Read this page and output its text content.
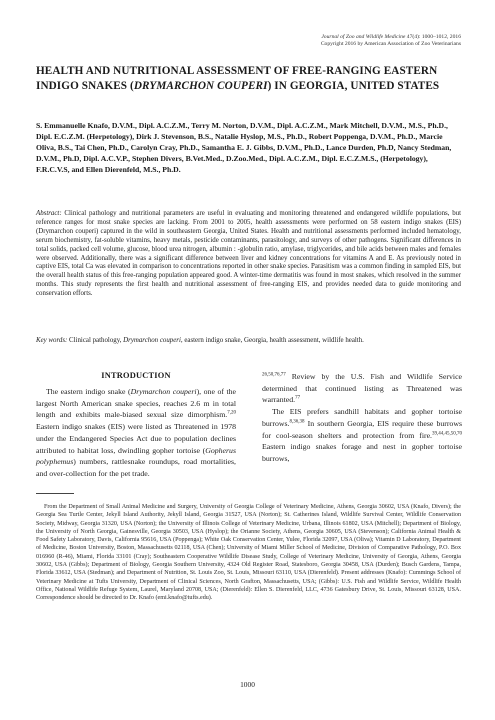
Journal of Zoo and Wildlife Medicine 47(4): 1000–1012, 2016
Copyright 2016 by American Association of Zoo Veterinarians
HEALTH AND NUTRITIONAL ASSESSMENT OF FREE-RANGING EASTERN INDIGO SNAKES (DRYMARCHON COUPERI) IN GEORGIA, UNITED STATES
S. Emmanuelle Knafo, D.V.M., Dipl. A.C.Z.M., Terry M. Norton, D.V.M., Dipl. A.C.Z.M., Mark Mitchell, D.V.M., M.S., Ph.D., Dipl. E.C.Z.M. (Herpetology), Dirk J. Stevenson, B.S., Natalie Hyslop, M.S., Ph.D., Robert Poppenga, D.V.M., Ph.D., Marcie Oliva, B.S., Tai Chen, Ph.D., Carolyn Cray, Ph.D., Samantha E. J. Gibbs, D.V.M., Ph.D., Lance Durden, Ph.D, Nancy Stedman, D.V.M., Ph.D, Dipl. A.C.V.P., Stephen Divers, B.Vet.Med., D.Zoo.Med., Dipl. A.C.Z.M., Dipl. E.C.Z.M.S., (Herpetology), F.R.C.V.S, and Ellen Dierenfeld, M.S., Ph.D.
Abstract: Clinical pathology and nutritional parameters are useful in evaluating and monitoring threatened and endangered wildlife populations, but reference ranges for most snake species are lacking. From 2001 to 2005, health assessments were performed on 58 eastern indigo snakes (EIS) (Drymarchon couperi) captured in the wild in southeastern Georgia, United States. Health and nutritional assessments performed included hematology, serum biochemistry, fat-soluble vitamins, heavy metals, pesticide contaminants, parasitology, and surveys of other pathogens. Significant differences in total solids, packed cell volume, glucose, blood urea nitrogen, albumin : -globulin ratio, amylase, triglycerides, and bile acids between males and females were observed. Additionally, there was a significant difference between liver and kidney concentrations for vitamins A and E. As previously noted in captive EIS, total Ca was elevated in comparison to concentrations reported in other snake species. Parasitism was a common finding in sampled EIS, but the overall health status of this free-ranging population appeared good. A winter-time dermatitis was found in most snakes, which resolved in the summer months. This study represents the first health and nutritional assessment of free-ranging EIS, and provides needed data to guide monitoring and conservation efforts.
Key words: Clinical pathology, Drymarchon couperi, eastern indigo snake, Georgia, health assessment, wildlife health.
INTRODUCTION

The eastern indigo snake (Drymarchon couperi), one of the largest North American snake species, reaches 2.6 m in total length and exhibits male-biased sexual size dimorphism.$^{7,20}$ Eastern indigo snakes (EIS) were listed as Threatened in 1978 under the Endangered Species Act due to population declines attributed to habitat loss, dwindling gopher tortoise (Gopherus polyphemus) numbers, rattlesnake roundups, road mortalities, and over-collection for the pet trade.

$^{26,50,76,77}$ Review by the U.S. Fish and Wildlife Service determined that continued listing as Threatened was warranted.$^{77}$

The EIS prefers sandhill habitats and gopher tortoise burrows.$^{8,36,38}$ In southern Georgia, EIS require these burrows for cool-season shelters and protection from fire.$^{39,44,45,50,70}$ Eastern indigo snakes forage and nest in gopher tortoise burrows,

From the Department of Small Animal Medicine and Surgery, University of Georgia College of Veterinary Medicine, Athens, Georgia 30602, USA (Knafo, Divers); the Georgia Sea Turtle Center, Jekyll Island Authority, Jekyll Island, Georgia 31527, USA (Norton); St. Catherines Island, Wildlife Survival Center, Wildlife Conservation Society, Midway, Georgia 31320, USA (Norton); the University of Illinois College of Veterinary Medicine, Urbana, Illinois 61802, USA (Mitchell); Department of Biology, the University of North Georgia, Gainesville, Georgia 30503, USA (Hyslop); the Orianne Society, Athens, Georgia 30605, USA (Stevenson); California Animal Health & Food Safety Laboratory, Davis, California 95616, USA (Poppenga); White Oak Conservation Center, Yulee, Florida 32097, USA (Oliva); Vitamin D Laboratory, Department of Medicine, Boston University, Boston, Massachusetts 02118, USA (Chen); University of Miami Miller School of Medicine, Division of Comparative Pathology, P.O. Box 016960 (R-46), Miami, Florida 33101 (Cray); Southeastern Cooperative Wildlife Disease Study, College of Veterinary Medicine, University of Georgia, Athens, Georgia 30602, USA (Gibbs); Department of Biology, Georgia Southern University, 4324 Old Register Road, Statesboro, Georgia 30458, USA (Durden); Busch Gardens, Tampa, Florida 33612, USA (Stedman); and Department of Nutrition, St. Louis Zoo, St. Louis, Missouri 63110, USA (Dierenfeld). Present addresses (Knafo): Cummings School of Veterinary Medicine at Tufts University, Department of Clinical Sciences, North Grafton, Massachusetts, USA; (Gibbs): U.S. Fish and Wildlife Service, Wildlife Health Office, National Wildlife Refuge System, Laurel, Maryland 20708, USA; (Dierenfeld): Ellen S. Dierenfeld, LLC, 4736 Gatesbury Drive, St. Louis, Missouri 63128, USA. Correspondence should be directed to Dr. Knafo (emi.knafo@tufts.edu).
1000
